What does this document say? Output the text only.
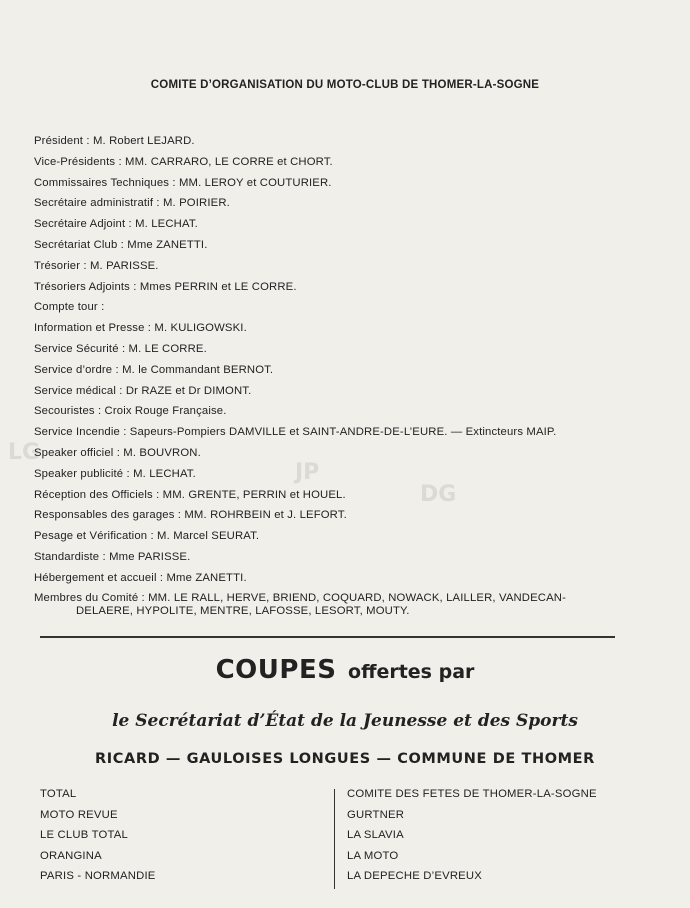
LG
JP
DG
COMITE D’ORGANISATION DU MOTO-CLUB DE THOMER-LA-SOGNE
Président : M. Robert LEJARD.
Vice-Présidents : MM. CARRARO, LE CORRE et CHORT.
Commissaires Techniques : MM. LEROY et COUTURIER.
Secrétaire administratif : M. POIRIER.
Secrétaire Adjoint : M. LECHAT.
Secrétariat Club : Mme ZANETTI.
Trésorier : M. PARISSE.
Trésoriers Adjoints : Mmes PERRIN et LE CORRE.
Compte tour :
Information et Presse : M. KULIGOWSKI.
Service Sécurité : M. LE CORRE.
Service d’ordre : M. le Commandant BERNOT.
Service médical : Dr RAZE et Dr DIMONT.
Secouristes : Croix Rouge Française.
Service Incendie : Sapeurs-Pompiers DAMVILLE et SAINT-ANDRE-DE-L’EURE. — Extincteurs MAIP.
Speaker officiel : M. BOUVRON.
Speaker publicité : M. LECHAT.
Réception des Officiels : MM. GRENTE, PERRIN et HOUEL.
Responsables des garages : MM. ROHRBEIN et J. LEFORT.
Pesage et Vérification : M. Marcel SEURAT.
Standardiste : Mme PARISSE.
Hébergement et accueil : Mme ZANETTI.
Membres du Comité : MM. LE RALL, HERVE, BRIEND, COQUARD, NOWACK, LAILLER, VANDECAN-
DELAERE, HYPOLITE, MENTRE, LAFOSSE, LESORT, MOUTY.
COUPES offertes par
le Secrétariat d’État de la Jeunesse et des Sports
RICARD — GAULOISES LONGUES — COMMUNE DE THOMER
TOTAL
MOTO REVUE
LE CLUB TOTAL
ORANGINA
PARIS - NORMANDIE
COMITE DES FETES DE THOMER-LA-SOGNE
GURTNER
LA SLAVIA
LA MOTO
LA DEPECHE D’EVREUX
